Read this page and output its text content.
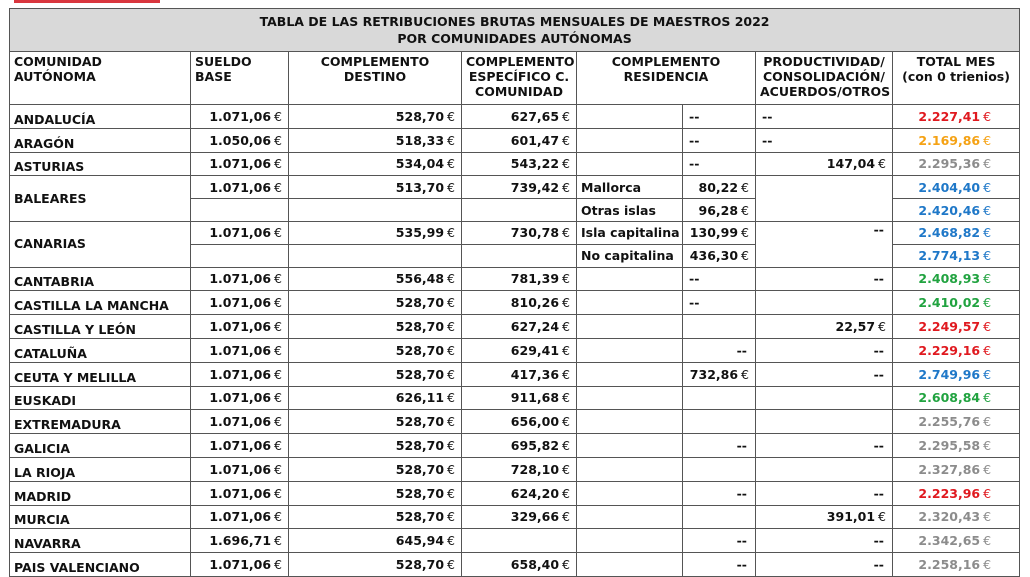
TABLA DE LAS RETRIBUCIONES BRUTAS MENSUALES DE MAESTROS 2022
POR COMUNIDADES AUTÓNOMAS							

COMUNIDAD AUTÓNOMA	SUELDO BASE	COMPLEMENTO DESTINO	COMPLEMENTO ESPECÍFICO C. COMUNIDAD	COMPLEMENTO RESIDENCIA		PRODUCTIVIDAD/ CONSOLIDACIÓN/ ACUERDOS/OTROS	TOTAL MES
(con 0 trienios)
ANDALUCÍA	1.071,06 €	528,70 €	627,65 €		--	--	2.227,41 €
ARAGÓN	1.050,06 €	518,33 €	601,47 €		--	--	2.169,86 €
ASTURIAS	1.071,06 €	534,04 €	543,22 €		--	147,04 €	2.295,36 €
BALEARES	1.071,06 €	513,70 €	739,42 €	Mallorca	80,22 €		2.404,40 €
				Otras islas	96,28 €		2.420,46 €
CANARIAS	1.071,06 €	535,99 €	730,78 €	Isla capitalina	130,99 €	--	2.468,82 €
				No capitalina	436,30 €		2.774,13 €
CANTABRIA	1.071,06 €	556,48 €	781,39 €		--	--	2.408,93 €
CASTILLA LA MANCHA	1.071,06 €	528,70 €	810,26 €		--		2.410,02 €
CASTILLA Y LEÓN	1.071,06 €	528,70 €	627,24 €			22,57 €	2.249,57 €
CATALUÑA	1.071,06 €	528,70 €	629,41 €		--	--	2.229,16 €
CEUTA Y MELILLA	1.071,06 €	528,70 €	417,36 €		732,86 €	--	2.749,96 €
EUSKADI	1.071,06 €	626,11 €	911,68 €				2.608,84 €
EXTREMADURA	1.071,06 €	528,70 €	656,00 €				2.255,76 €
GALICIA	1.071,06 €	528,70 €	695,82 €		--	--	2.295,58 €
LA RIOJA	1.071,06 €	528,70 €	728,10 €				2.327,86 €
MADRID	1.071,06 €	528,70 €	624,20 €		--	--	2.223,96 €
MURCIA	1.071,06 €	528,70 €	329,66 €			391,01 €	2.320,43 €
NAVARRA	1.696,71 €	645,94 €			--	--	2.342,65 €
PAIS VALENCIANO	1.071,06 €	528,70 €	658,40 €		--	--	2.258,16 €
